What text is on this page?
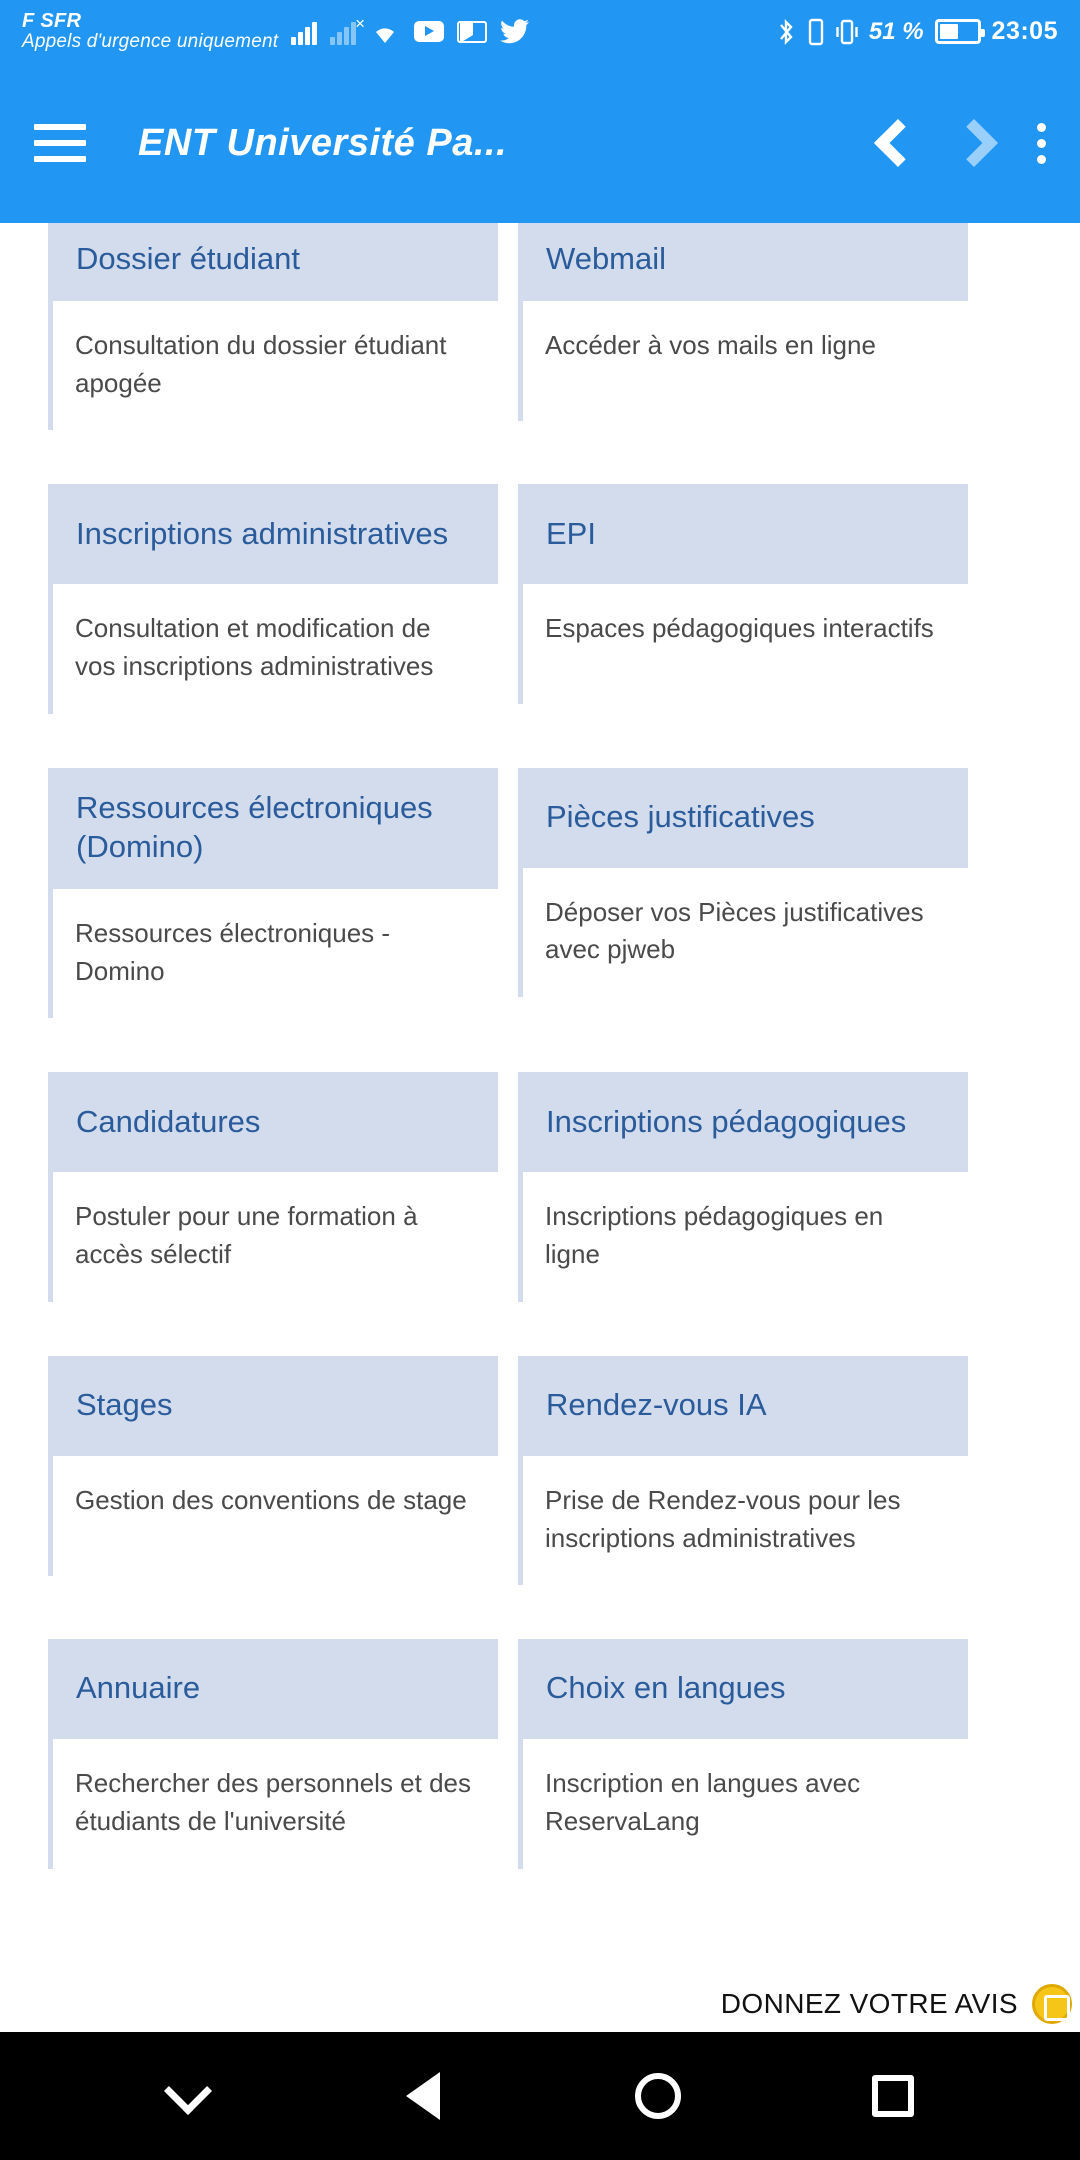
F SFR
Appels d'urgence uniquement
×	51 %	23:05
ENT Université Pa...
Dossier étudiant
Consultation du dossier étudiant apogée
Webmail
Accéder à vos mails en ligne
Inscriptions administratives
Consultation et modification de vos inscriptions administratives
EPI
Espaces pédagogiques interactifs
Ressources électroniques (Domino)
Ressources électroniques - Domino
Pièces justificatives
Déposer vos Pièces justificatives avec pjweb
Candidatures
Postuler pour une formation à accès sélectif
Inscriptions pédagogiques
Inscriptions pédagogiques en ligne
Stages
Gestion des conventions de stage
Rendez-vous IA
Prise de Rendez-vous pour les inscriptions administratives
Annuaire
Rechercher des personnels et des étudiants de l'université
Choix en langues
Inscription en langues avec ReservaLang
DONNEZ VOTRE AVIS
